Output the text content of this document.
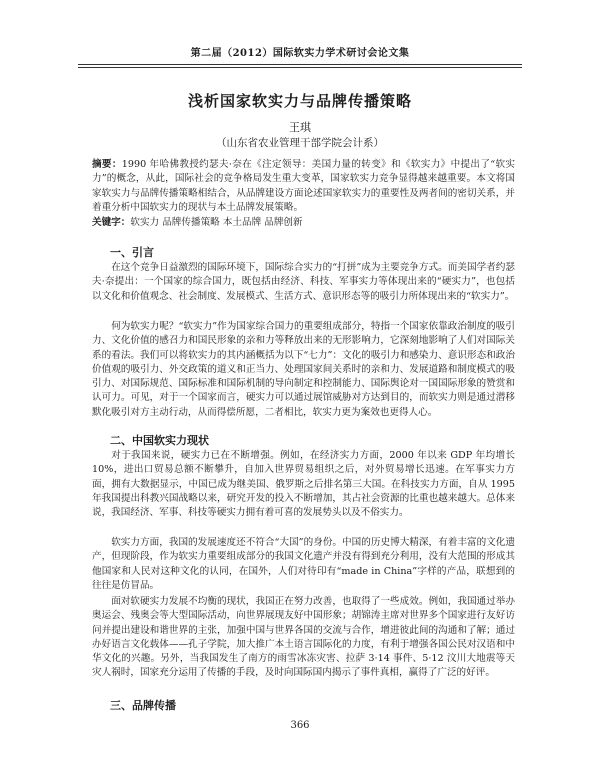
第二届（2012）国际软实力学术研讨会论文集
浅析国家软实力与品牌传播策略
王琪
（山东省农业管理干部学院会计系）
摘要：1990 年哈佛教授约瑟夫·奈在《注定领导：美国力量的转变》和《软实力》中提出了“软实力”的概念，从此，国际社会的竞争格局发生重大变革，国家软实力竞争显得越来越重要。本文将国家软实力与品牌传播策略相结合，从品牌建设方面论述国家软实力的重要性及两者间的密切关系，并着重分析中国软实力的现状与本土品牌发展策略。
关键字：软实力 品牌传播策略 本土品牌 品牌创新
一、引言

在这个竞争日益激烈的国际环境下，国际综合实力的“打拼”成为主要竞争方式。而美国学者约瑟夫·奈提出：一个国家的综合国力，既包括由经济、科技、军事实力等体现出来的“硬实力”，也包括以文化和价值观念、社会制度、发展模式、生活方式、意识形态等的吸引力所体现出来的“软实力”。

何为软实力呢？“软实力”作为国家综合国力的重要组成部分，特指一个国家依靠政治制度的吸引力、文化价值的感召力和国民形象的亲和力等释放出来的无形影响力，它深刻地影响了人们对国际关系的看法。我们可以将软实力的其内涵概括为以下“七力”：文化的吸引力和感染力、意识形态和政治价值观的吸引力、外交政策的道义和正当力、处理国家间关系时的亲和力、发展道路和制度模式的吸引力、对国际规范、国际标准和国际机制的导向制定和控制能力、国际舆论对一国国际形象的赞赏和认可力。可见，对于一个国家而言，硬实力可以通过展馆威胁对方达到目的，而软实力则是通过潜移默化吸引对方主动行动，从而得偿所愿，二者相比，软实力更为案效也更得人心。

二、中国软实力现状

对于我国来说，硬实力已在不断增强。例如，在经济实力方面，2000 年以来 GDP 年均增长 10%，进出口贸易总额不断攀升，自加入世界贸易组织之后，对外贸易增长迅速。在军事实力方面，拥有大数据显示，中国已成为继美国、俄罗斯之后排名第三大国。在科技实力方面，自从 1995 年我国提出科教兴国战略以来，研究开发的投入不断增加，其占社会资源的比重也越来越大。总体来说，我国经济、军事、科技等硬实力拥有着可喜的发展势头以及不俗实力。

软实力方面，我国的发展速度还不符合“大国”的身份。中国的历史博大精深，有着丰富的文化遗产，但现阶段，作为软实力重要组成部分的我国文化遗产并没有得到充分利用，没有大范围的形成其他国家和人民对这种文化的认同，在国外，人们对待印有“made in China”字样的产品，联想到的往往是仿冒品。

面对软硬实力发展不均衡的现状，我国正在努力改善，也取得了一些成效。例如，我国通过举办奥运会、残奥会等大型国际活动，向世界展现友好中国形象；胡锦涛主席对世界多个国家进行友好访问并提出建设和谐世界的主张，加强中国与世界各国的交流与合作，增进彼此间的沟通和了解；通过办好语言文化载体——孔子学院，加大推广本土语言国际化的力度，有利于增强各国公民对汉语和中华文化的兴趣。另外，当我国发生了南方的雨雪冰冻灾害、拉萨 3·14 事件、5·12 汶川大地震等天灾人祸时，国家充分运用了传播的手段，及时向国际国内揭示了事件真相，赢得了广泛的好评。

三、品牌传播
366
